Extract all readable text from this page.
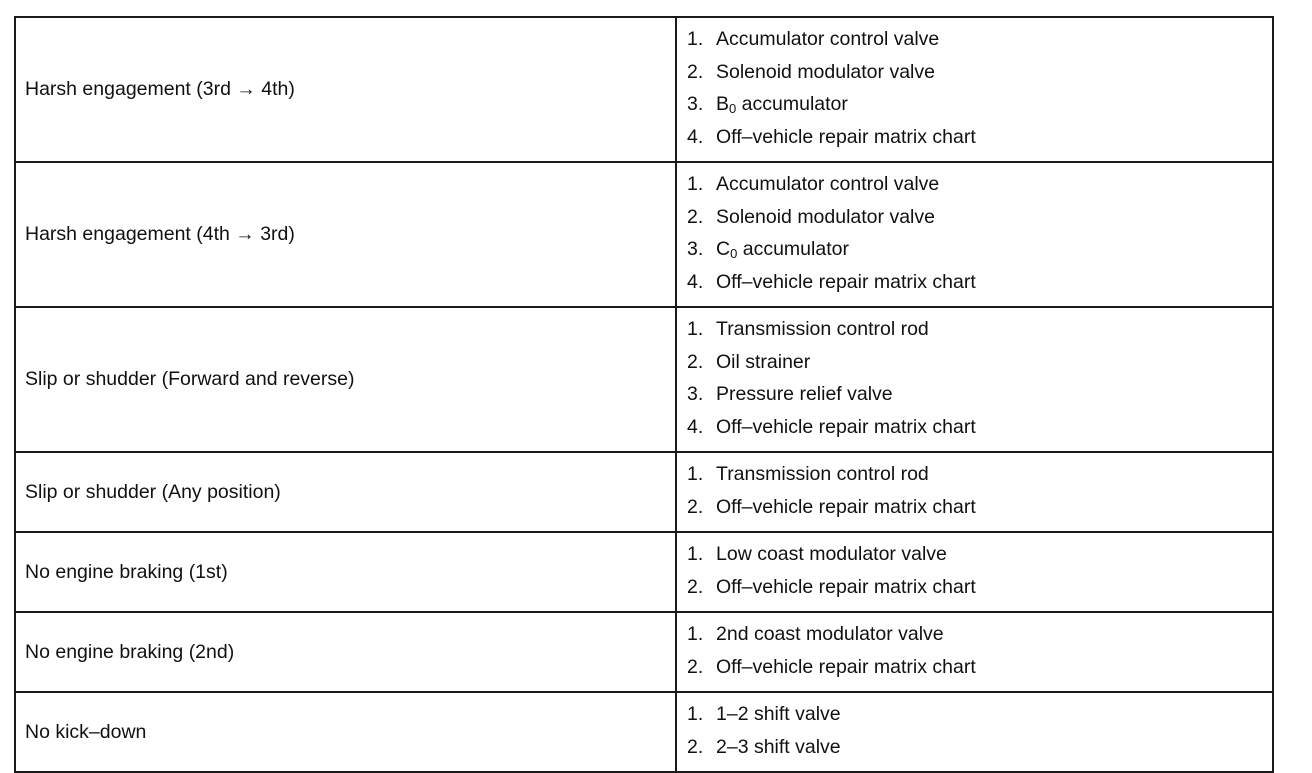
Harsh engagement (3rd → 4th)
1. Accumulator control valve
2. Solenoid modulator valve
3. $B_0$ accumulator
4. Off–vehicle repair matrix chart
Harsh engagement (4th → 3rd)
1. Accumulator control valve
2. Solenoid modulator valve
3. $C_0$ accumulator
4. Off–vehicle repair matrix chart
Slip or shudder (Forward and reverse)
1. Transmission control rod
2. Oil strainer
3. Pressure relief valve
4. Off–vehicle repair matrix chart
Slip or shudder (Any position)
1. Transmission control rod
2. Off–vehicle repair matrix chart
No engine braking (1st)
1. Low coast modulator valve
2. Off–vehicle repair matrix chart
No engine braking (2nd)
1. 2nd coast modulator valve
2. Off–vehicle repair matrix chart
No kick–down
1. 1–2 shift valve
2. 2–3 shift valve
